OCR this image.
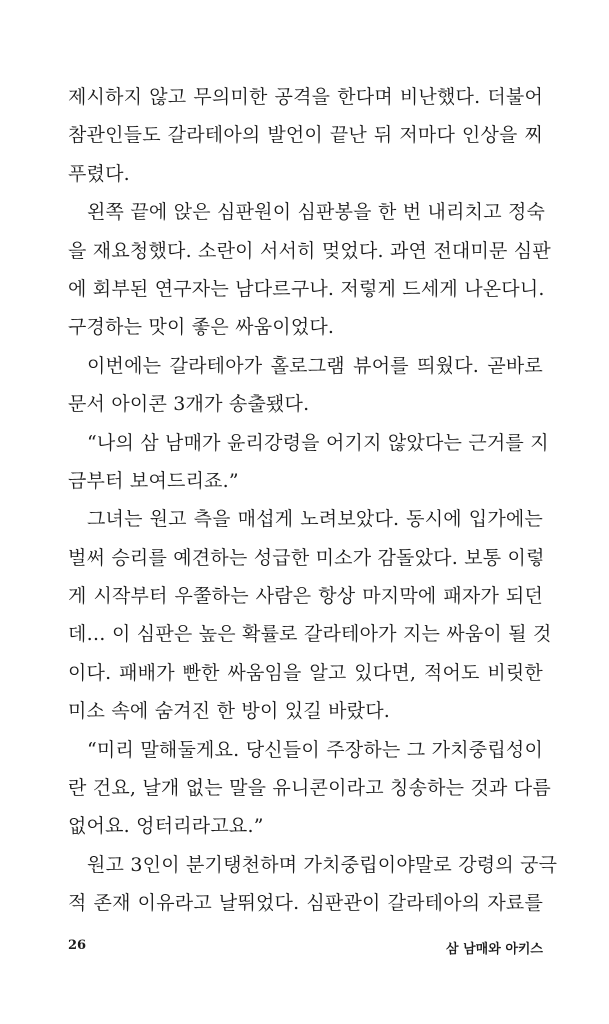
제시하지 않고 무의미한 공격을 한다며 비난했다. 더불어
참관인들도 갈라테아의 발언이 끝난 뒤 저마다 인상을 찌
푸렸다.
왼쪽 끝에 앉은 심판원이 심판봉을 한 번 내리치고 정숙
을 재요청했다. 소란이 서서히 멎었다. 과연 전대미문 심판
에 회부된 연구자는 남다르구나. 저렇게 드세게 나온다니.
구경하는 맛이 좋은 싸움이었다.
이번에는 갈라테아가 홀로그램 뷰어를 띄웠다. 곧바로
문서 아이콘 3개가 송출됐다.
“나의 삼 남매가 윤리강령을 어기지 않았다는 근거를 지
금부터 보여드리죠.”
그녀는 원고 측을 매섭게 노려보았다. 동시에 입가에는
벌써 승리를 예견하는 성급한 미소가 감돌았다. 보통 이렇
게 시작부터 우쭐하는 사람은 항상 마지막에 패자가 되던
데… 이 심판은 높은 확률로 갈라테아가 지는 싸움이 될 것
이다. 패배가 빤한 싸움임을 알고 있다면, 적어도 비릿한
미소 속에 숨겨진 한 방이 있길 바랐다.
“미리 말해둘게요. 당신들이 주장하는 그 가치중립성이
란 건요, 날개 없는 말을 유니콘이라고 칭송하는 것과 다름
없어요. 엉터리라고요.”
원고 3인이 분기탱천하며 가치중립이야말로 강령의 궁극
적 존재 이유라고 날뛰었다. 심판관이 갈라테아의 자료를
26	삼 남매와 아키스
